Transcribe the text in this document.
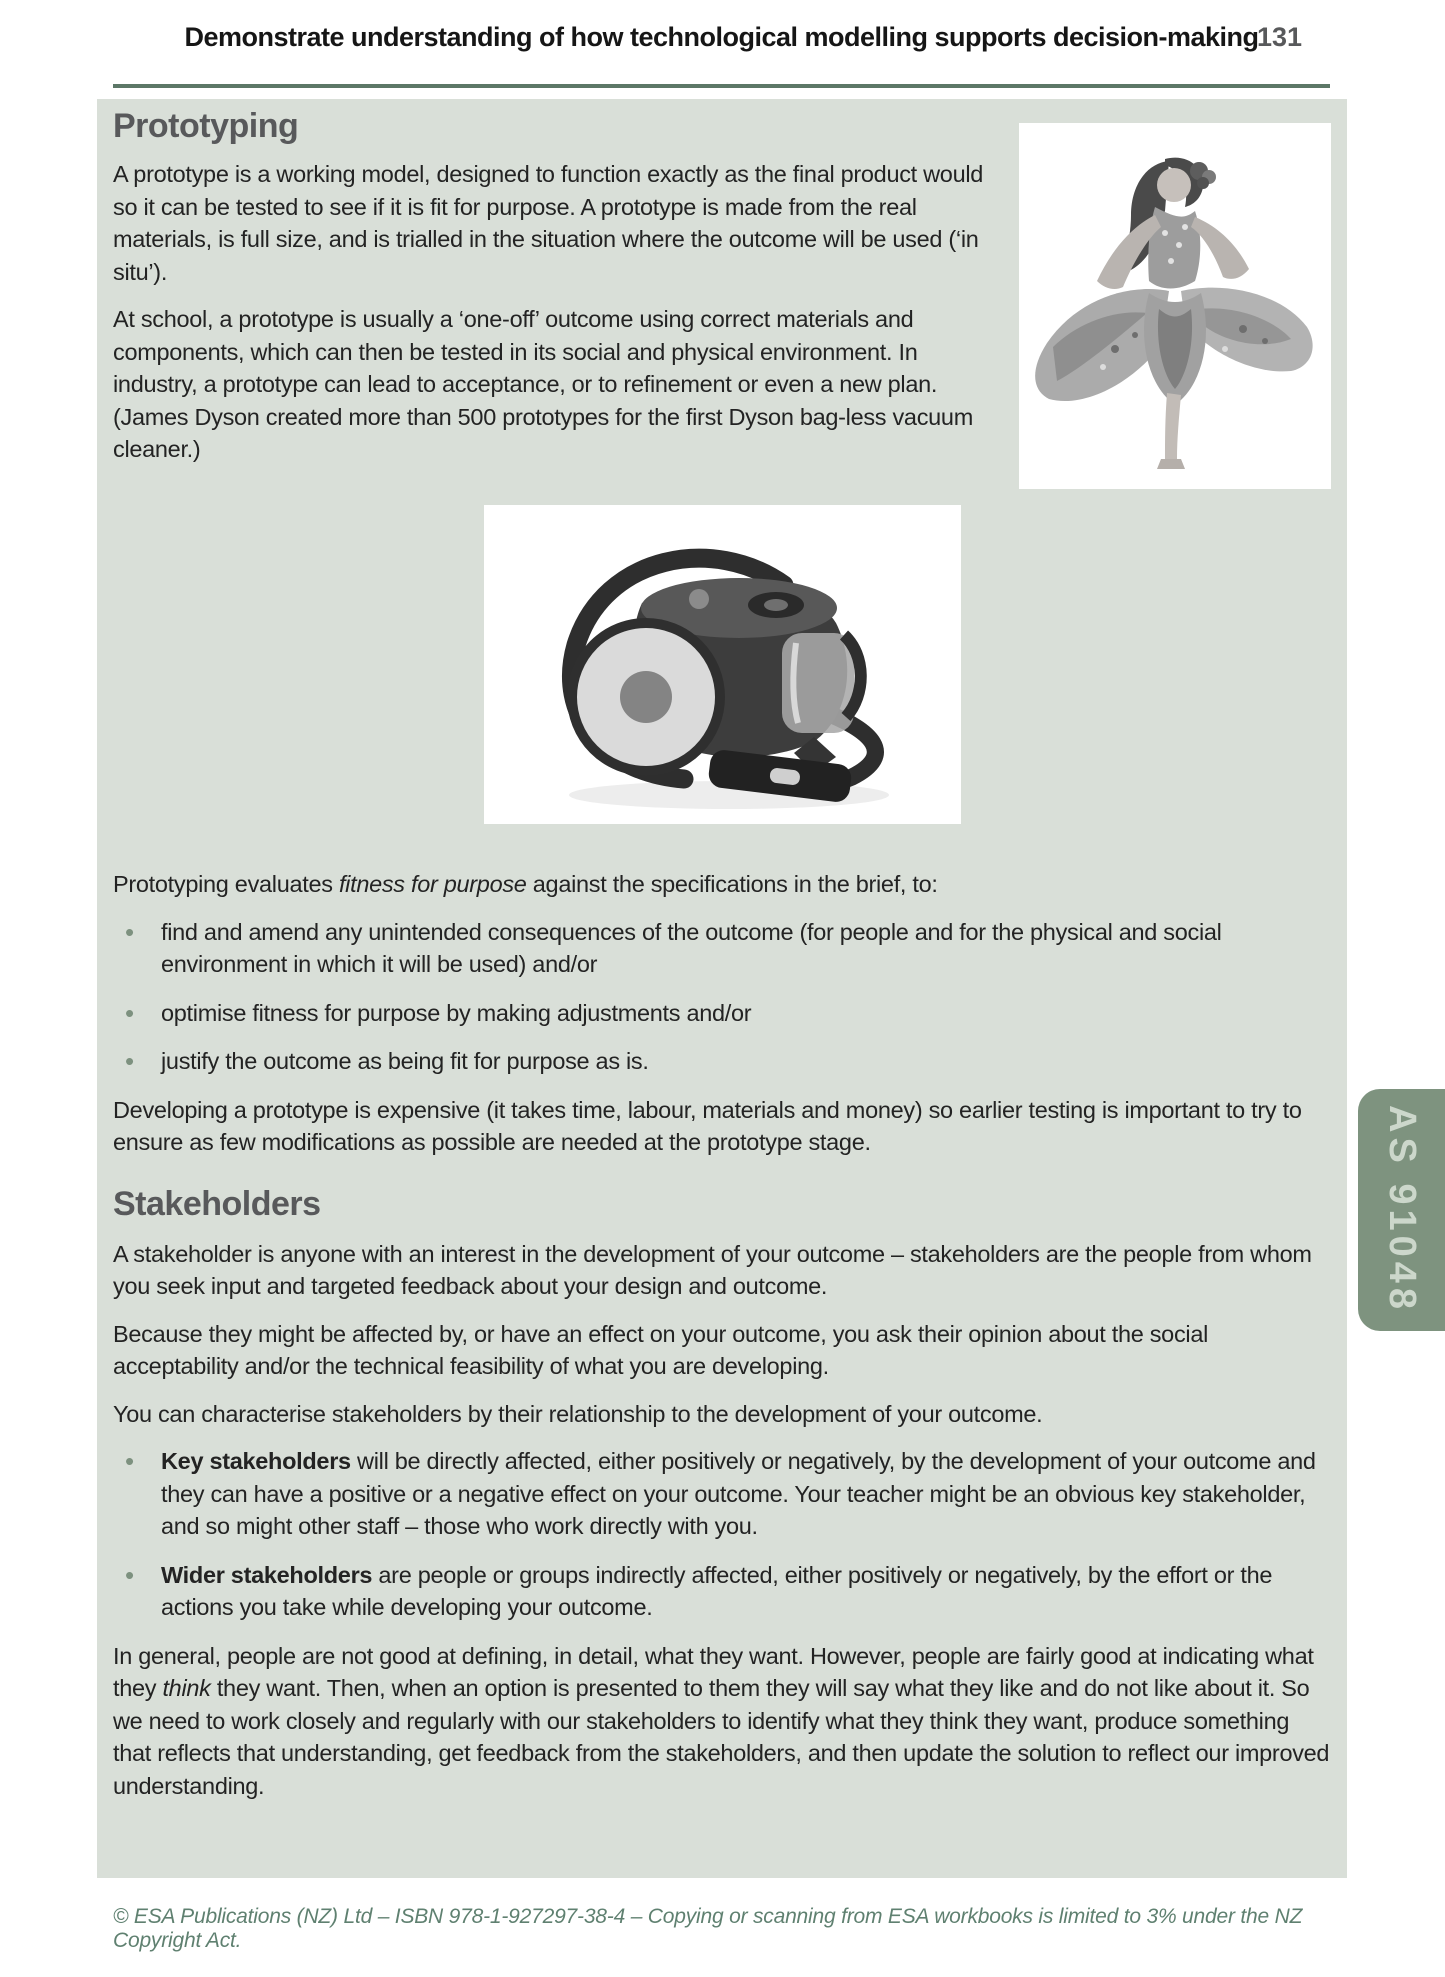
Demonstrate understanding of how technological modelling supports decision-making
131
Prototyping

A prototype is a working model, designed to function exactly as the final product would so it can be tested to see if it is fit for purpose. A prototype is made from the real materials, is full size, and is trialled in the situation where the outcome will be used (‘in situ’).

At school, a prototype is usually a ‘one-off’ outcome using correct materials and components, which can then be tested in its social and physical environment. In industry, a prototype can lead to acceptance, or to refinement or even a new plan. (James Dyson created more than 500 prototypes for the first Dyson bag-less vacuum cleaner.)

Prototyping evaluates fitness for purpose against the specifications in the brief, to:

• find and amend any unintended consequences of the outcome (for people and for the physical and social environment in which it will be used) and/or
• optimise fitness for purpose by making adjustments and/or
• justify the outcome as being fit for purpose as is.

Developing a prototype is expensive (it takes time, labour, materials and money) so earlier testing is important to try to ensure as few modifications as possible are needed at the prototype stage.

Stakeholders

A stakeholder is anyone with an interest in the development of your outcome – stakeholders are the people from whom you seek input and targeted feedback about your design and outcome.

Because they might be affected by, or have an effect on your outcome, you ask their opinion about the social acceptability and/or the technical feasibility of what you are developing.

You can characterise stakeholders by their relationship to the development of your outcome.

• Key stakeholders will be directly affected, either positively or negatively, by the development of your outcome and they can have a positive or a negative effect on your outcome. Your teacher might be an obvious key stakeholder, and so might other staff – those who work directly with you.
• Wider stakeholders are people or groups indirectly affected, either positively or negatively, by the effort or the actions you take while developing your outcome.

In general, people are not good at defining, in detail, what they want. However, people are fairly good at indicating what they think they want. Then, when an option is presented to them they will say what they like and do not like about it. So we need to work closely and regularly with our stakeholders to identify what they think they want, produce something that reflects that understanding, get feedback from the stakeholders, and then update the solution to reflect our improved understanding.

AS 91048
© ESA Publications (NZ) Ltd – ISBN 978-1-927297-38-4 – Copying or scanning from ESA workbooks is limited to 3% under the NZ Copyright Act.
